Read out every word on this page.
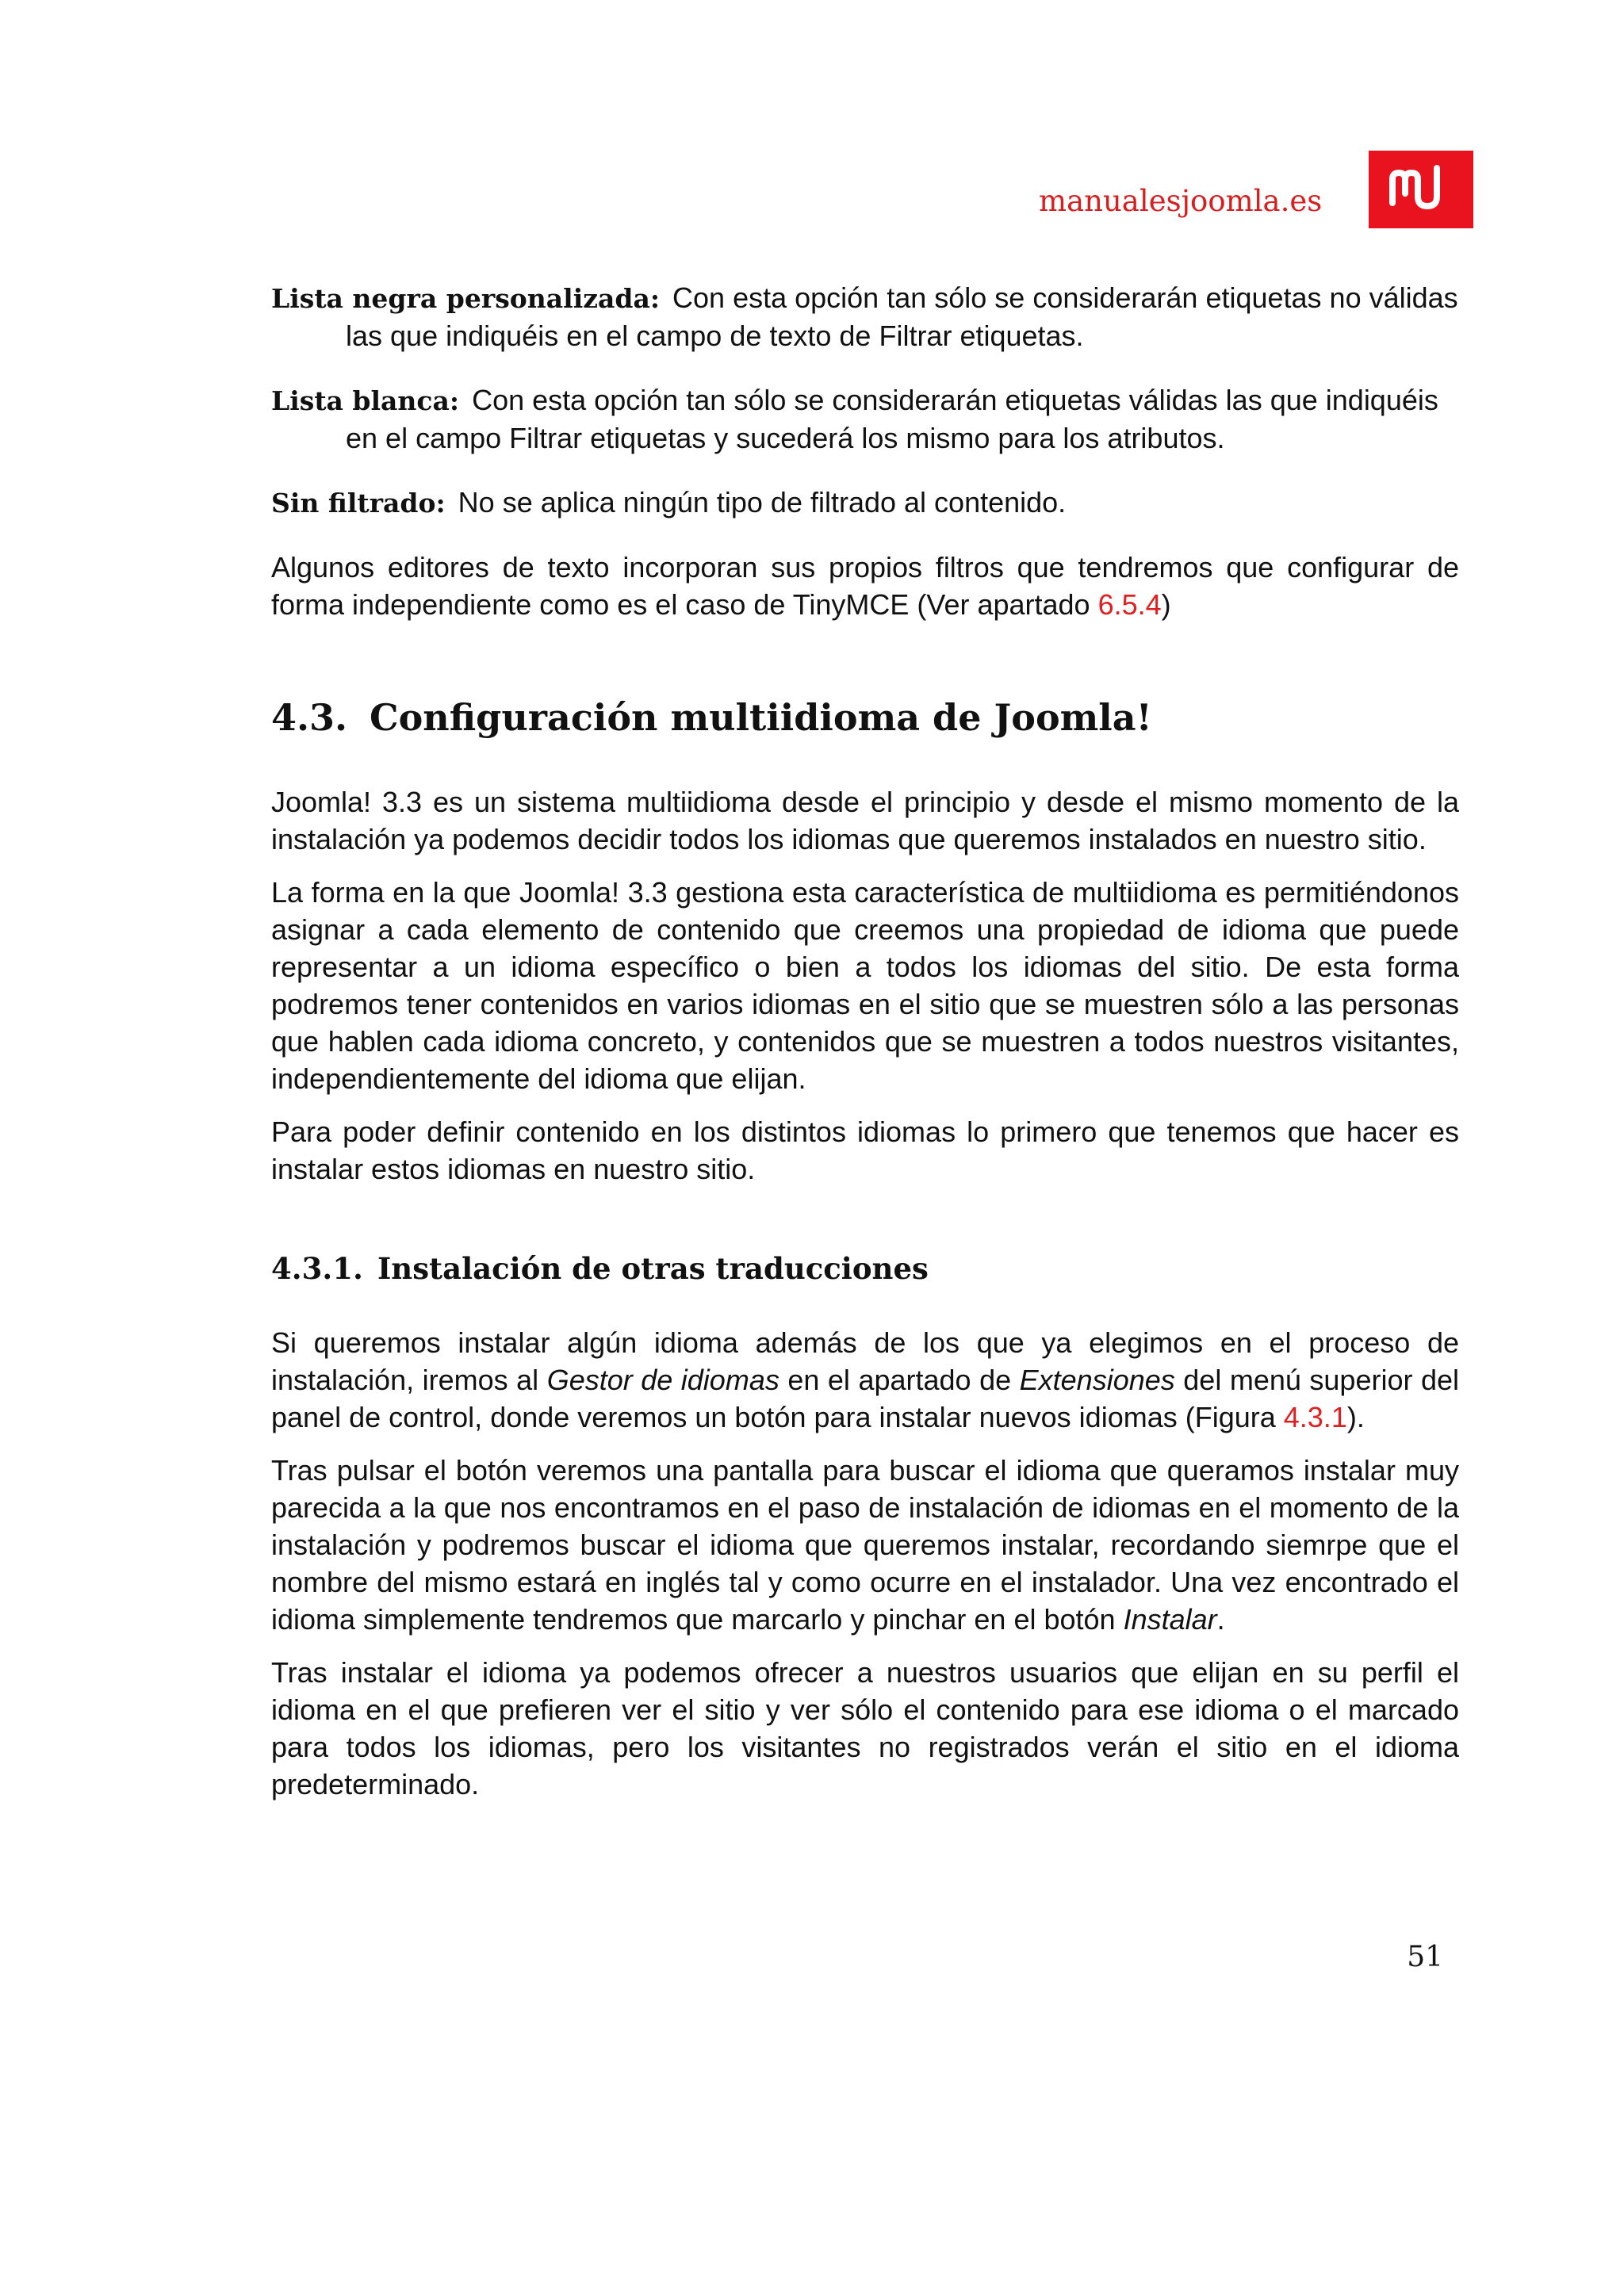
manualesjoomla.es

Lista negra personalizada: Con esta opción tan sólo se considerarán etiquetas no válidas las que indiquéis en el campo de texto de Filtrar etiquetas.

Lista blanca: Con esta opción tan sólo se considerarán etiquetas válidas las que indiquéis en el campo Filtrar etiquetas y sucederá los mismo para los atributos.

Sin filtrado: No se aplica ningún tipo de filtrado al contenido.

Algunos editores de texto incorporan sus propios filtros que tendremos que configurar de forma independiente como es el caso de TinyMCE (Ver apartado 6.5.4)

4.3. Configuración multiidioma de Joomla!

Joomla! 3.3 es un sistema multiidioma desde el principio y desde el mismo momento de la instalación ya podemos decidir todos los idiomas que queremos instalados en nuestro sitio.

La forma en la que Joomla! 3.3 gestiona esta característica de multiidioma es permitiéndonos asignar a cada elemento de contenido que creemos una propiedad de idioma que puede representar a un idioma específico o bien a todos los idiomas del sitio. De esta forma podremos tener contenidos en varios idiomas en el sitio que se muestren sólo a las personas que hablen cada idioma concreto, y contenidos que se muestren a todos nuestros visitantes, independientemente del idioma que elijan.

Para poder definir contenido en los distintos idiomas lo primero que tenemos que hacer es instalar estos idiomas en nuestro sitio.

4.3.1. Instalación de otras traducciones

Si queremos instalar algún idioma además de los que ya elegimos en el proceso de instalación, iremos al Gestor de idiomas en el apartado de Extensiones del menú superior del panel de control, donde veremos un botón para instalar nuevos idiomas (Figura 4.3.1).

Tras pulsar el botón veremos una pantalla para buscar el idioma que queramos instalar muy parecida a la que nos encontramos en el paso de instalación de idiomas en el momento de la instalación y podremos buscar el idioma que queremos instalar, recordando siemrpe que el nombre del mismo estará en inglés tal y como ocurre en el instalador. Una vez encontrado el idioma simplemente tendremos que marcarlo y pinchar en el botón Instalar.

Tras instalar el idioma ya podemos ofrecer a nuestros usuarios que elijan en su perfil el idioma en el que prefieren ver el sitio y ver sólo el contenido para ese idioma o el marcado para todos los idiomas, pero los visitantes no registrados verán el sitio en el idioma predeterminado.

51
